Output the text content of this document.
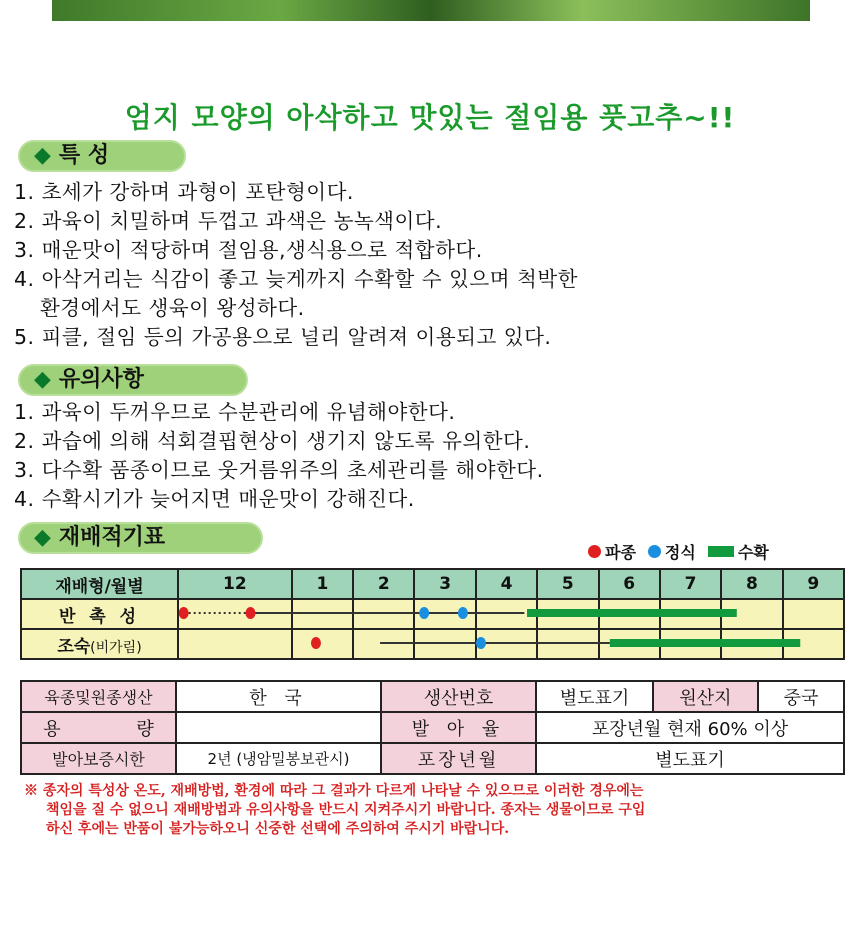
엄지 모양의 아삭하고 맛있는 절임용 풋고추~!!
◆ 특 성
1. 초세가 강하며 과형이 포탄형이다.
2. 과육이 치밀하며 두껍고 과색은 농녹색이다.
3. 매운맛이 적당하며 절임용,생식용으로 적합하다.
4. 아삭거리는 식감이 좋고 늦게까지 수확할 수 있으며 척박한
환경에서도 생육이 왕성하다.
5. 피클, 절임 등의 가공용으로 널리 알려져 이용되고 있다.
◆ 유의사항
1. 과육이 두꺼우므로 수분관리에 유념해야한다.
2. 과습에 의해 석회결핍현상이 생기지 않도록 유의한다.
3. 다수확 품종이므로 웃거름위주의 초세관리를 해야한다.
4. 수확시기가 늦어지면 매운맛이 강해진다.
◆ 재배적기표
파종 정식	수확
재배형/월별	12	1	2	3	4	5	6	7	8	9
반 촉 성										
조숙(비가림)										
육종및원종생산	한 국	생산번호	별도표기	원산지	중국
용 량		발 아 율	포장년월 현재 60% 이상		
발아보증시한	2년 (냉암밀봉보관시)	포장년월	별도표기		
※ 종자의 특성상 온도, 재배방법, 환경에 따라 그 결과가 다르게 나타날 수 있으므로 이러한 경우에는
책임을 질 수 없으니 재배방법과 유의사항을 반드시 지켜주시기 바랍니다. 종자는 생물이므로 구입
하신 후에는 반품이 불가능하오니 신중한 선택에 주의하여 주시기 바랍니다.
